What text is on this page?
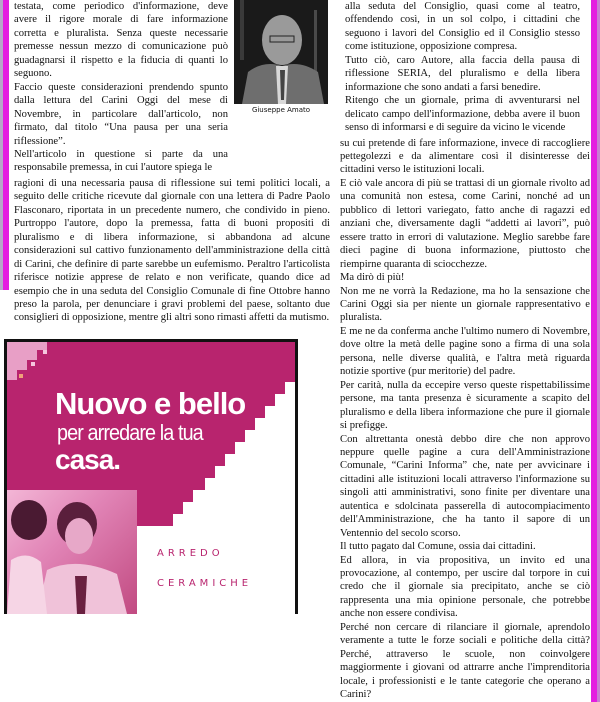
testata, come periodico d'informazione, deve avere il rigore morale di fare informazione corretta e pluralista. Senza queste necessarie premesse nessun mezzo di comunicazione può guadagnarsi il rispetto e la fiducia di quanti lo seguono.

Faccio queste considerazioni prendendo spunto dalla lettura del Carini Oggi del mese di Novembre, in particolare dall'articolo, non firmato, dal titolo “Una pausa per una seria riflessione”.

Nell'articolo in questione si parte da una responsabile premessa, in cui l'autore spiega le

Giuseppe Amato

ragioni di una necessaria pausa di riflessione sui temi politici locali, a seguito delle critiche ricevute dal giornale con una lettera di Padre Paolo Flasconaro, riportata in un precedente numero, che condivido in pieno. Purtroppo l'autore, dopo la premessa, fatta di buoni propositi di pluralismo e di libera informazione, si abbandona ad alcune considerazioni sul cattivo funzionamento dell'amministrazione della città di Carini, che definire di parte sarebbe un eufemismo. Peraltro l'articolista riferisce notizie apprese de relato e non verificate, quando dice ad esempio che in una seduta del Consiglio Comunale di fine Ottobre hanno preso la parola, per denunciare i gravi problemi del paese, soltanto due consiglieri di opposizione, mentre gli altri sono rimasti affetti da mutismo.

Nuovo e bello
per arredare la tua
casa.
ARREDO
CERAMICHE

alla seduta del Consiglio, quasi come al teatro, offendendo così, in un sol colpo, i cittadini che seguono i lavori del Consiglio ed il Consiglio stesso come istituzione, opposizione compresa.

Tutto ciò, caro Autore, alla faccia della pausa di riflessione SERIA, del pluralismo e della libera informazione che sono andati a farsi benedire.

Ritengo che un giornale, prima di avventurarsi nel delicato campo dell'informazione, debba avere il buon senso di informarsi e di seguire da vicino le vicende

su cui pretende di fare informazione, invece di raccogliere pettegolezzi e da alimentare così il disinteresse dei cittadini verso le istituzioni locali.

E ciò vale ancora di più se trattasi di un giornale rivolto ad una comunità non estesa, come Carini, nonché ad un pubblico di lettori variegato, fatto anche di ragazzi ed anziani che, diversamente dagli “addetti ai lavori”, può essere tratto in errori di valutazione. Meglio sarebbe fare dieci pagine di buona informazione, piuttosto che riempirne quaranta di sciocchezze.

Ma dirò di più!

Non me ne vorrà la Redazione, ma ho la sensazione che Carini Oggi sia per niente un giornale rappresentativo e pluralista.

E me ne da conferma anche l'ultimo numero di Novembre, dove oltre la metà delle pagine sono a firma di una sola persona, nelle diverse qualità, e l'altra metà riguarda notizie sportive (pur meritorie) del padre.

Per carità, nulla da eccepire verso queste rispettabilissime persone, ma tanta presenza è sicuramente a scapito del pluralismo e della libera informazione che pure il giornale si prefigge.

Con altrettanta onestà debbo dire che non approvo neppure quelle pagine a cura dell'Amministrazione Comunale, “Carini Informa” che, nate per avvicinare i cittadini alle istituzioni locali attraverso l'informazione su singoli atti amministrativi, sono finite per diventare una autentica e sdolcinata passerella di autocompiacimento dell'Amministrazione, che ha tanto il sapore di un Ventennio del secolo scorso.

Il tutto pagato dal Comune, ossia dai cittadini.

Ed allora, in via propositiva, un invito ed una provocazione, al contempo, per uscire dal torpore in cui credo che il giornale sia precipitato, anche se ciò rappresenta una mia opinione personale, che potrebbe anche non essere condivisa.

Perché non cercare di rilanciare il giornale, aprendolo veramente a tutte le forze sociali e politiche della città? Perché, attraverso le scuole, non coinvolgere maggiormente i giovani od attrarre anche l'imprenditoria locale, i professionisti e le tante categorie che operano a Carini?
